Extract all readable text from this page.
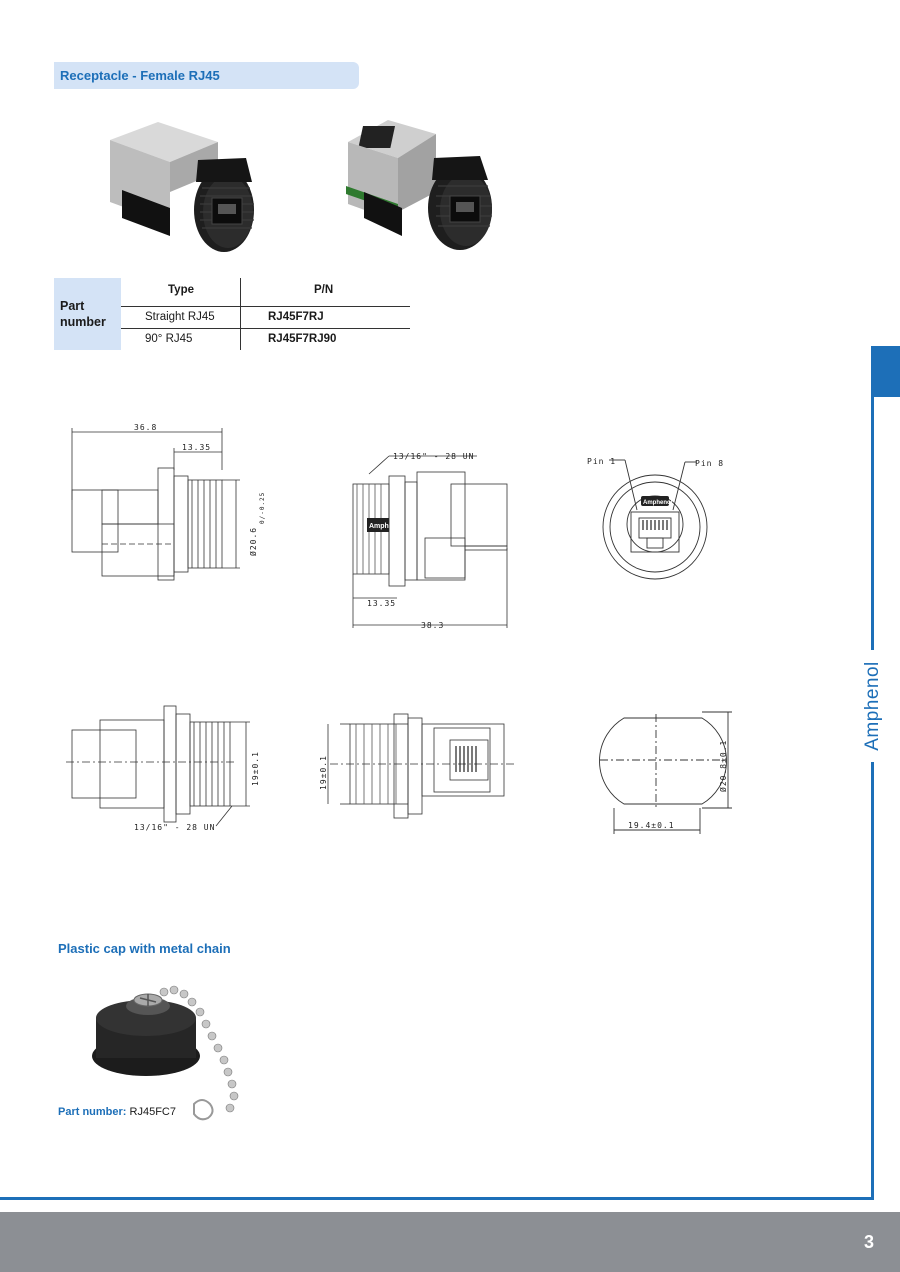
Receptacle - Female RJ45
Part
number
Type	P/N
Straight RJ45	RJ45F7RJ
90° RJ45	RJ45F7RJ90
36.8
13.35
Ø20.6
0/-0.25
Amph
13/16" - 28 UN
13.35
38.3
Amphenol
Pin 1	Pin 8
19±0.1
13/16" - 28 UN
19±0.1	Ø20.8±0.1
19.4±0.1
Plastic cap with metal chain
Part number: RJ45FC7
Amphenol
3
